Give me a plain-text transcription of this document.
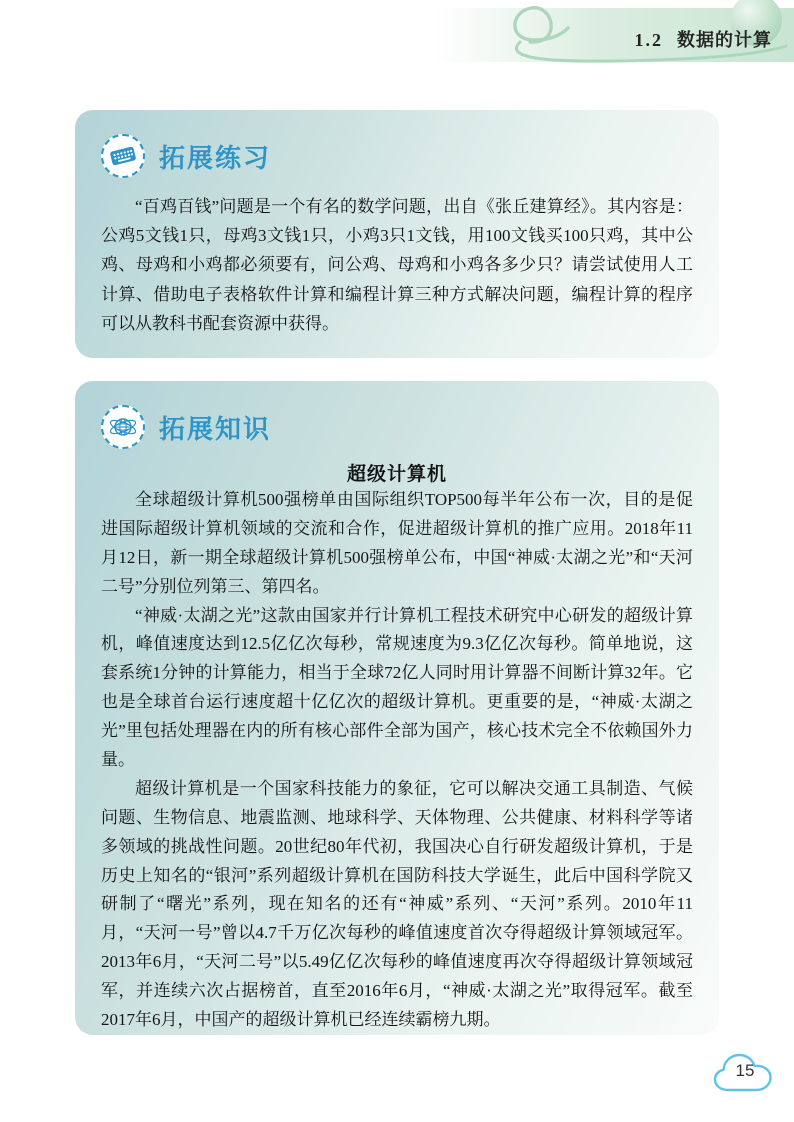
1.2 数据的计算
拓展练习
“百鸡百钱”问题是一个有名的数学问题，出自《张丘建算经》。其内容是：公鸡5文钱1只，母鸡3文钱1只，小鸡3只1文钱，用100文钱买100只鸡，其中公鸡、母鸡和小鸡都必须要有，问公鸡、母鸡和小鸡各多少只？请尝试使用人工计算、借助电子表格软件计算和编程计算三种方式解决问题，编程计算的程序可以从教科书配套资源中获得。
拓展知识
超级计算机

全球超级计算机500强榜单由国际组织TOP500每半年公布一次，目的是促进国际超级计算机领域的交流和合作，促进超级计算机的推广应用。2018年11月12日，新一期全球超级计算机500强榜单公布，中国“神威·太湖之光”和“天河二号”分别位列第三、第四名。

“神威·太湖之光”这款由国家并行计算机工程技术研究中心研发的超级计算机，峰值速度达到12.5亿亿次每秒，常规速度为9.3亿亿次每秒。简单地说，这套系统1分钟的计算能力，相当于全球72亿人同时用计算器不间断计算32年。它也是全球首台运行速度超十亿亿次的超级计算机。更重要的是，“神威·太湖之光”里包括处理器在内的所有核心部件全部为国产，核心技术完全不依赖国外力量。

超级计算机是一个国家科技能力的象征，它可以解决交通工具制造、气候问题、生物信息、地震监测、地球科学、天体物理、公共健康、材料科学等诸多领域的挑战性问题。20世纪80年代初，我国决心自行研发超级计算机，于是历史上知名的“银河”系列超级计算机在国防科技大学诞生，此后中国科学院又研制了“曙光”系列，现在知名的还有“神威”系列、“天河”系列。2010年11月，“天河一号”曾以4.7千万亿次每秒的峰值速度首次夺得超级计算领域冠军。2013年6月，“天河二号”以5.49亿亿次每秒的峰值速度再次夺得超级计算领域冠军，并连续六次占据榜首，直至2016年6月，“神威·太湖之光”取得冠军。截至2017年6月，中国产的超级计算机已经连续霸榜九期。

15
